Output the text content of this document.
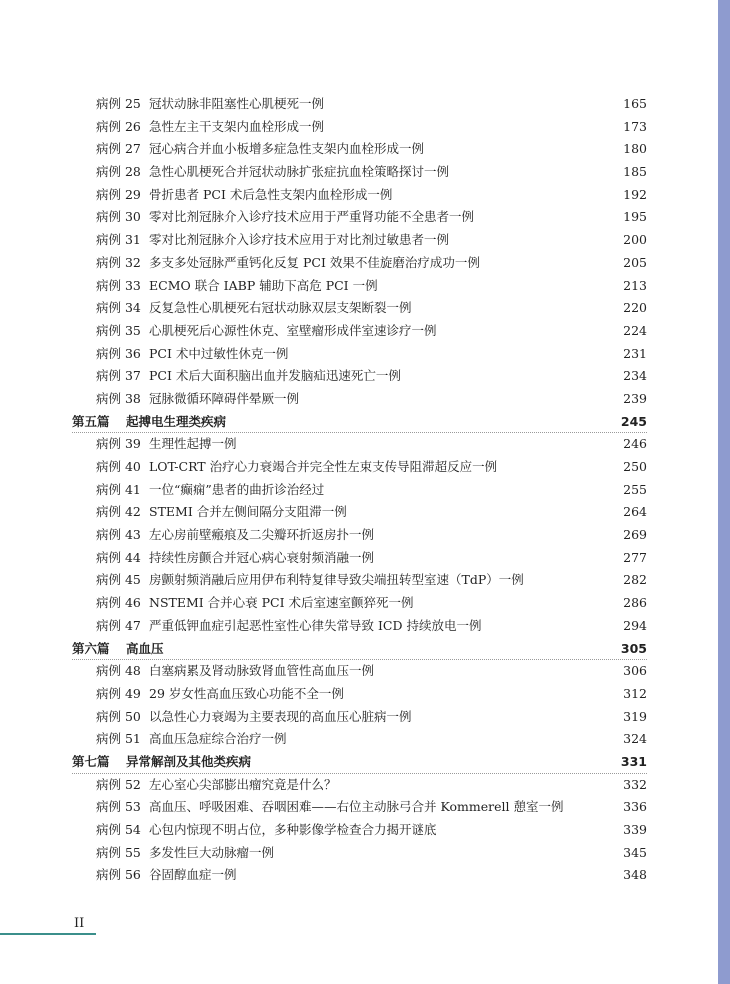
病例 25 冠状动脉非阻塞性心肌梗死一例	165
病例 26 急性左主干支架内血栓形成一例	173
病例 27 冠心病合并血小板增多症急性支架内血栓形成一例	180
病例 28 急性心肌梗死合并冠状动脉扩张症抗血栓策略探讨一例	185
病例 29 骨折患者 PCI 术后急性支架内血栓形成一例	192
病例 30 零对比剂冠脉介入诊疗技术应用于严重肾功能不全患者一例	195
病例 31 零对比剂冠脉介入诊疗技术应用于对比剂过敏患者一例	200
病例 32 多支多处冠脉严重钙化反复 PCI 效果不佳旋磨治疗成功一例	205
病例 33 ECMO 联合 IABP 辅助下高危 PCI 一例	213
病例 34 反复急性心肌梗死右冠状动脉双层支架断裂一例	220
病例 35 心肌梗死后心源性休克、室壁瘤形成伴室速诊疗一例	224
病例 36 PCI 术中过敏性休克一例	231
病例 37 PCI 术后大面积脑出血并发脑疝迅速死亡一例	234
病例 38 冠脉微循环障碍伴晕厥一例	239
第五篇 起搏电生理类疾病	245
病例 39 生理性起搏一例	246
病例 40 LOT-CRT 治疗心力衰竭合并完全性左束支传导阻滞超反应一例	250
病例 41 一位“癫痫”患者的曲折诊治经过	255
病例 42 STEMI 合并左侧间隔分支阻滞一例	264
病例 43 左心房前壁瘢痕及二尖瓣环折返房扑一例	269
病例 44 持续性房颤合并冠心病心衰射频消融一例	277
病例 45 房颤射频消融后应用伊布利特复律导致尖端扭转型室速（TdP）一例	282
病例 46 NSTEMI 合并心衰 PCI 术后室速室颤猝死一例	286
病例 47 严重低钾血症引起恶性室性心律失常导致 ICD 持续放电一例	294
第六篇 高血压	305
病例 48 白塞病累及肾动脉致肾血管性高血压一例	306
病例 49 29 岁女性高血压致心功能不全一例	312
病例 50 以急性心力衰竭为主要表现的高血压心脏病一例	319
病例 51 高血压急症综合治疗一例	324
第七篇 异常解剖及其他类疾病	331
病例 52 左心室心尖部膨出瘤究竟是什么？	332
病例 53 高血压、呼吸困难、吞咽困难——右位主动脉弓合并 Kommerell 憩室一例	336
病例 54 心包内惊现不明占位，多种影像学检查合力揭开谜底	339
病例 55 多发性巨大动脉瘤一例	345
病例 56 谷固醇血症一例	348
II
